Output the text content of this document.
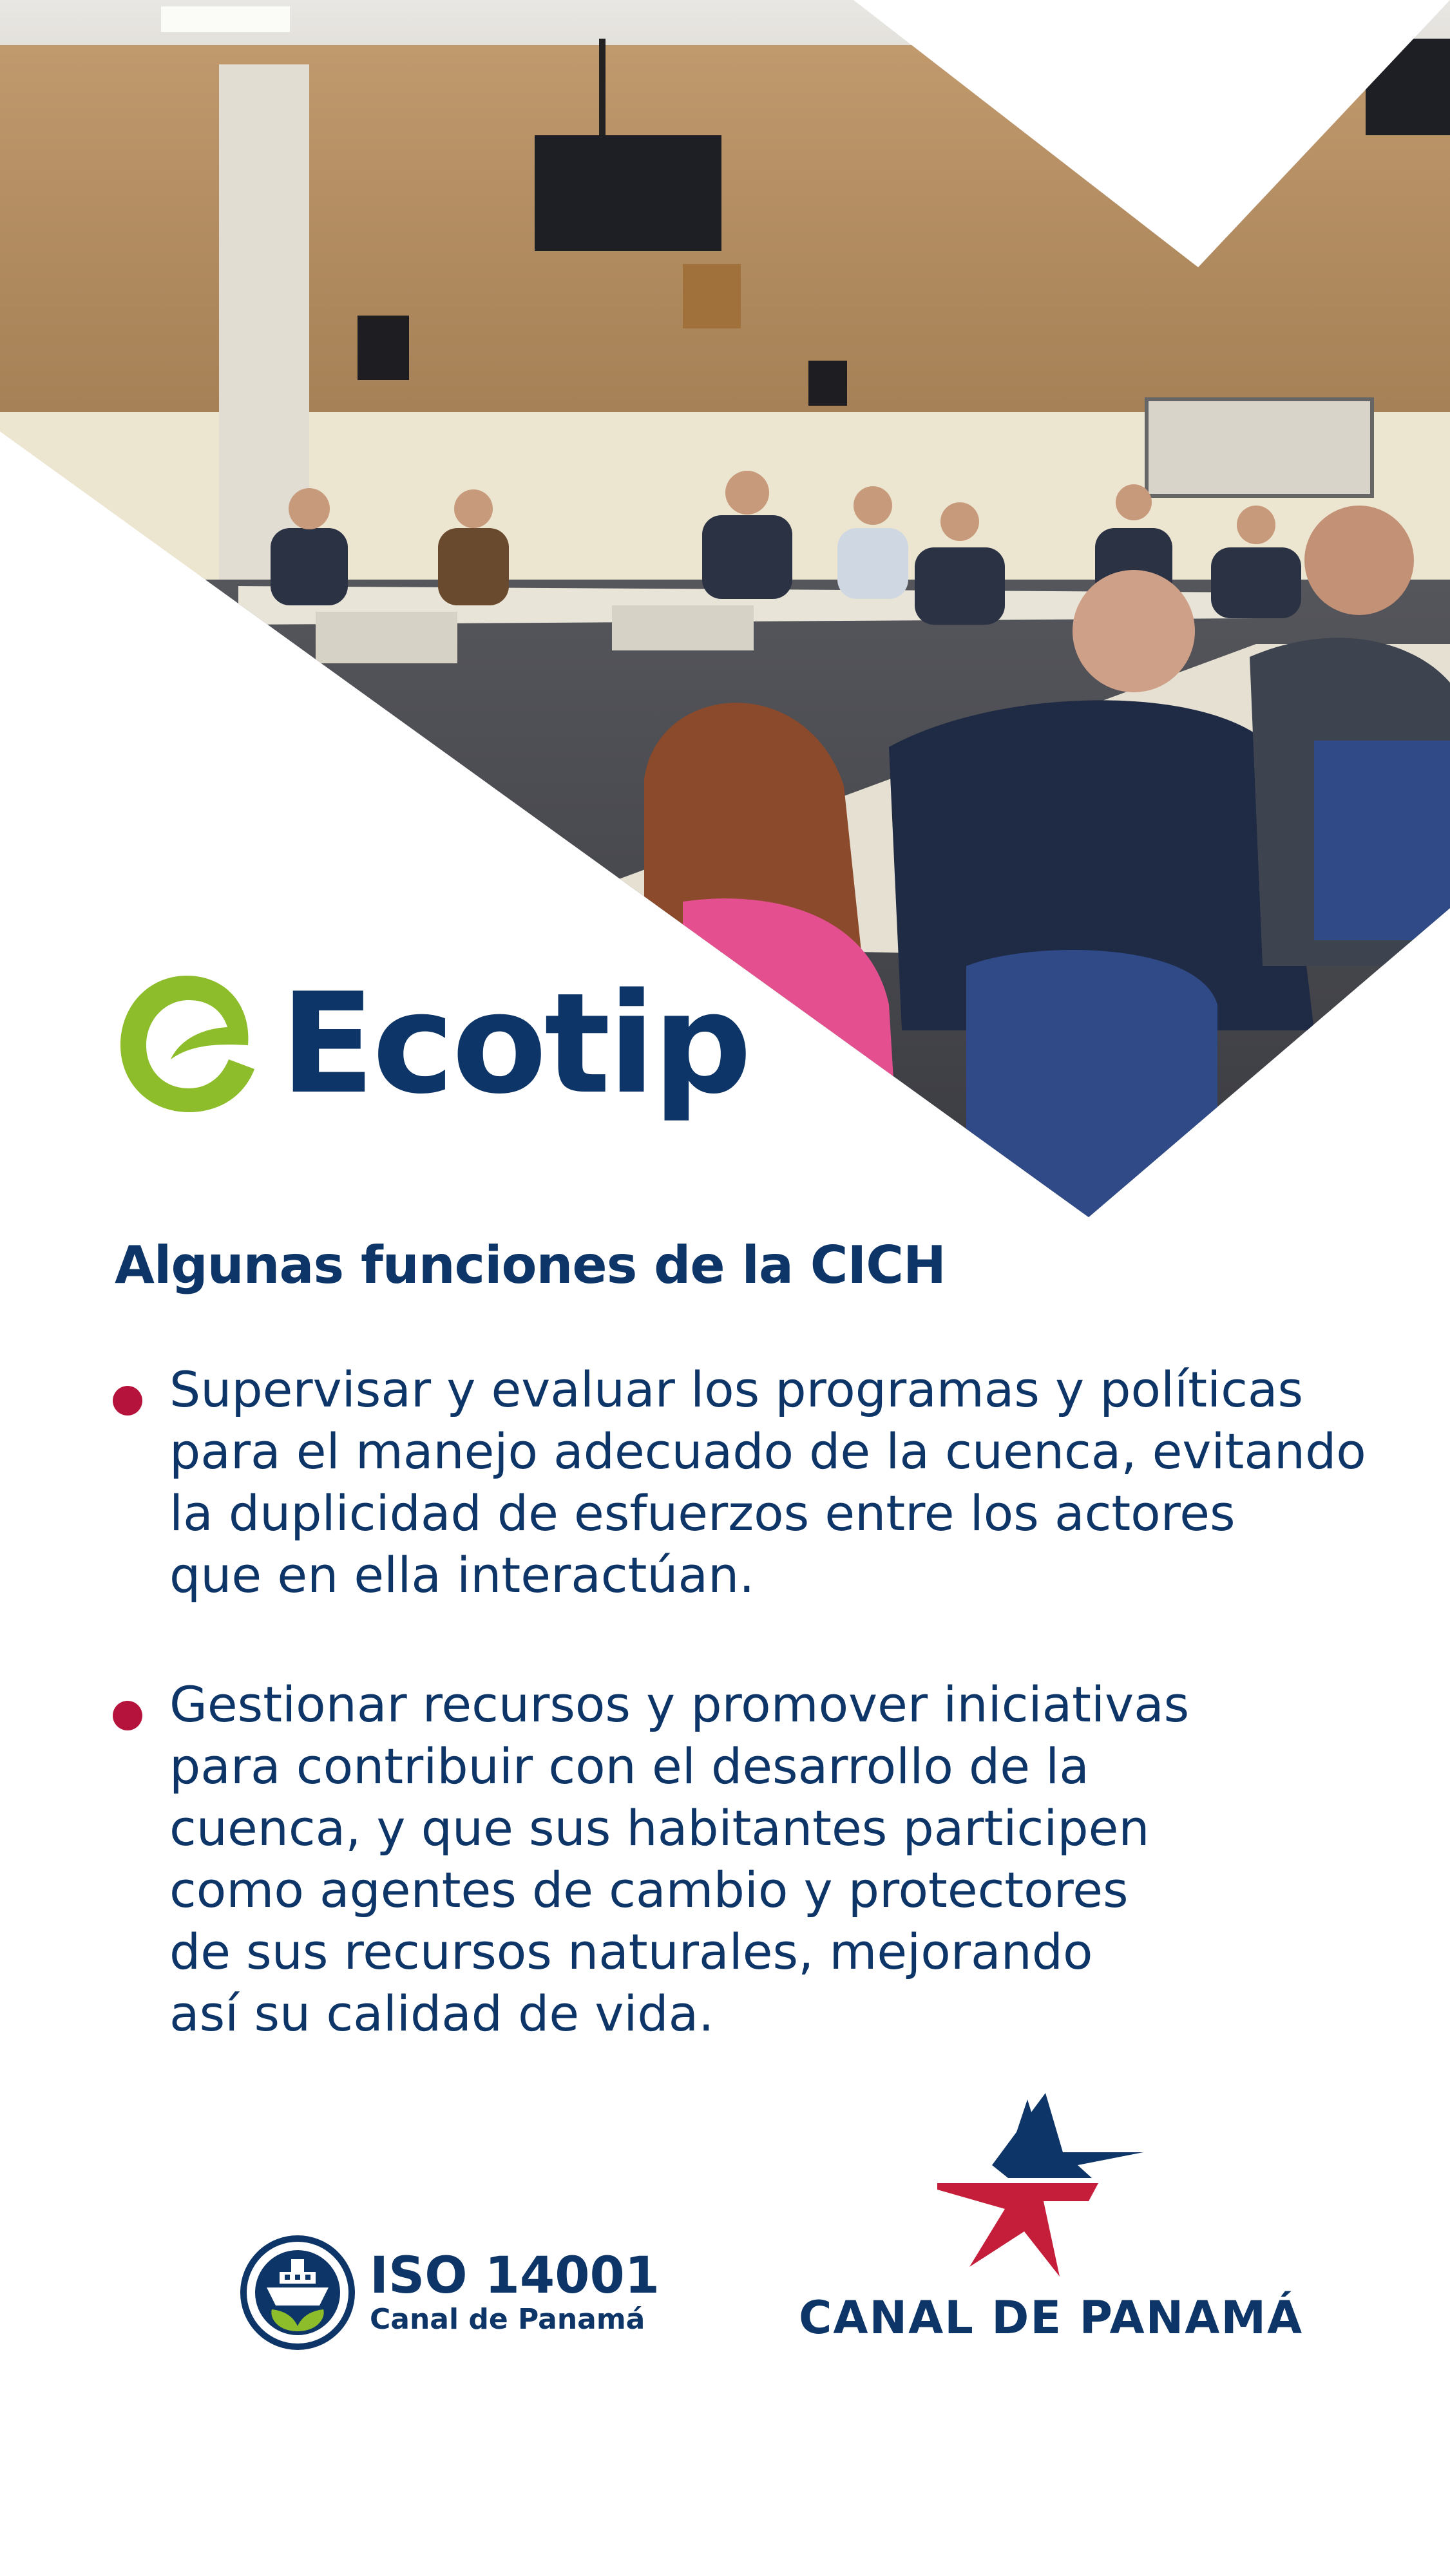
Ecotip
Algunas funciones de la CICH
Supervisar y evaluar los programas y políticas
para el manejo adecuado de la cuenca, evitando
la duplicidad de esfuerzos entre los actores
que en ella interactúan.
Gestionar recursos y promover iniciativas
para contribuir con el desarrollo de la
cuenca, y que sus habitantes participen
como agentes de cambio y protectores
de sus recursos naturales, mejorando
así su calidad de vida.
ISO 14001
Canal de Panamá	CANAL DE PANAMÁ
